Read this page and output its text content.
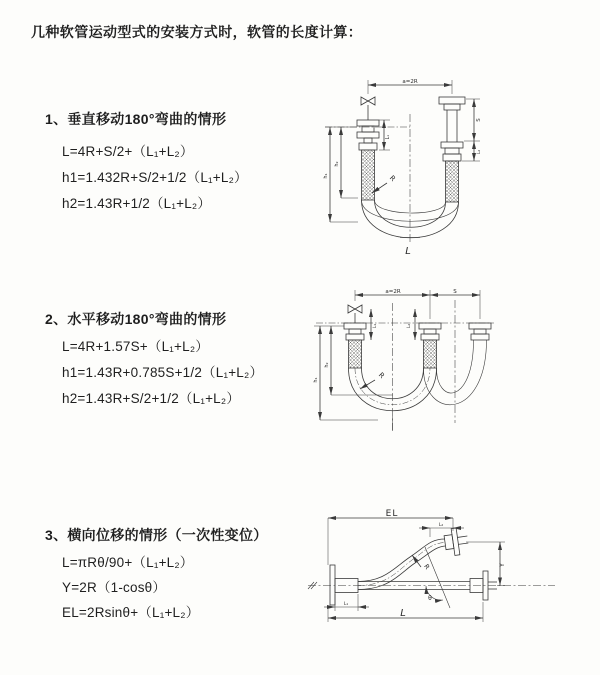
几种软管运动型式的安装方式时，软管的长度计算：
1、垂直移动180°弯曲的情形
L=4R+S/2+（L₁+L₂）
h1=1.432R+S/2+1/2（L₁+L₂）
h2=1.43R+1/2（L₁+L₂）
a=2R
L₁
S
L₂
h₁
h₂
R
L
2、水平移动180°弯曲的情形
L=4R+1.57S+（L₁+L₂）
h1=1.43R+0.785S+1/2（L₁+L₂）
h2=1.43R+S/2+1/2（L₁+L₂）
a=2R	S
L₁	L₂
h₁
h₂
R
3、横向位移的情形（一次性变位）
L=πRθ/90+（L₁+L₂）
Y=2R（1-cosθ）
EL=2Rsinθ+（L₁+L₂）
EL
L₂
Y
R
θ
L
L₁
